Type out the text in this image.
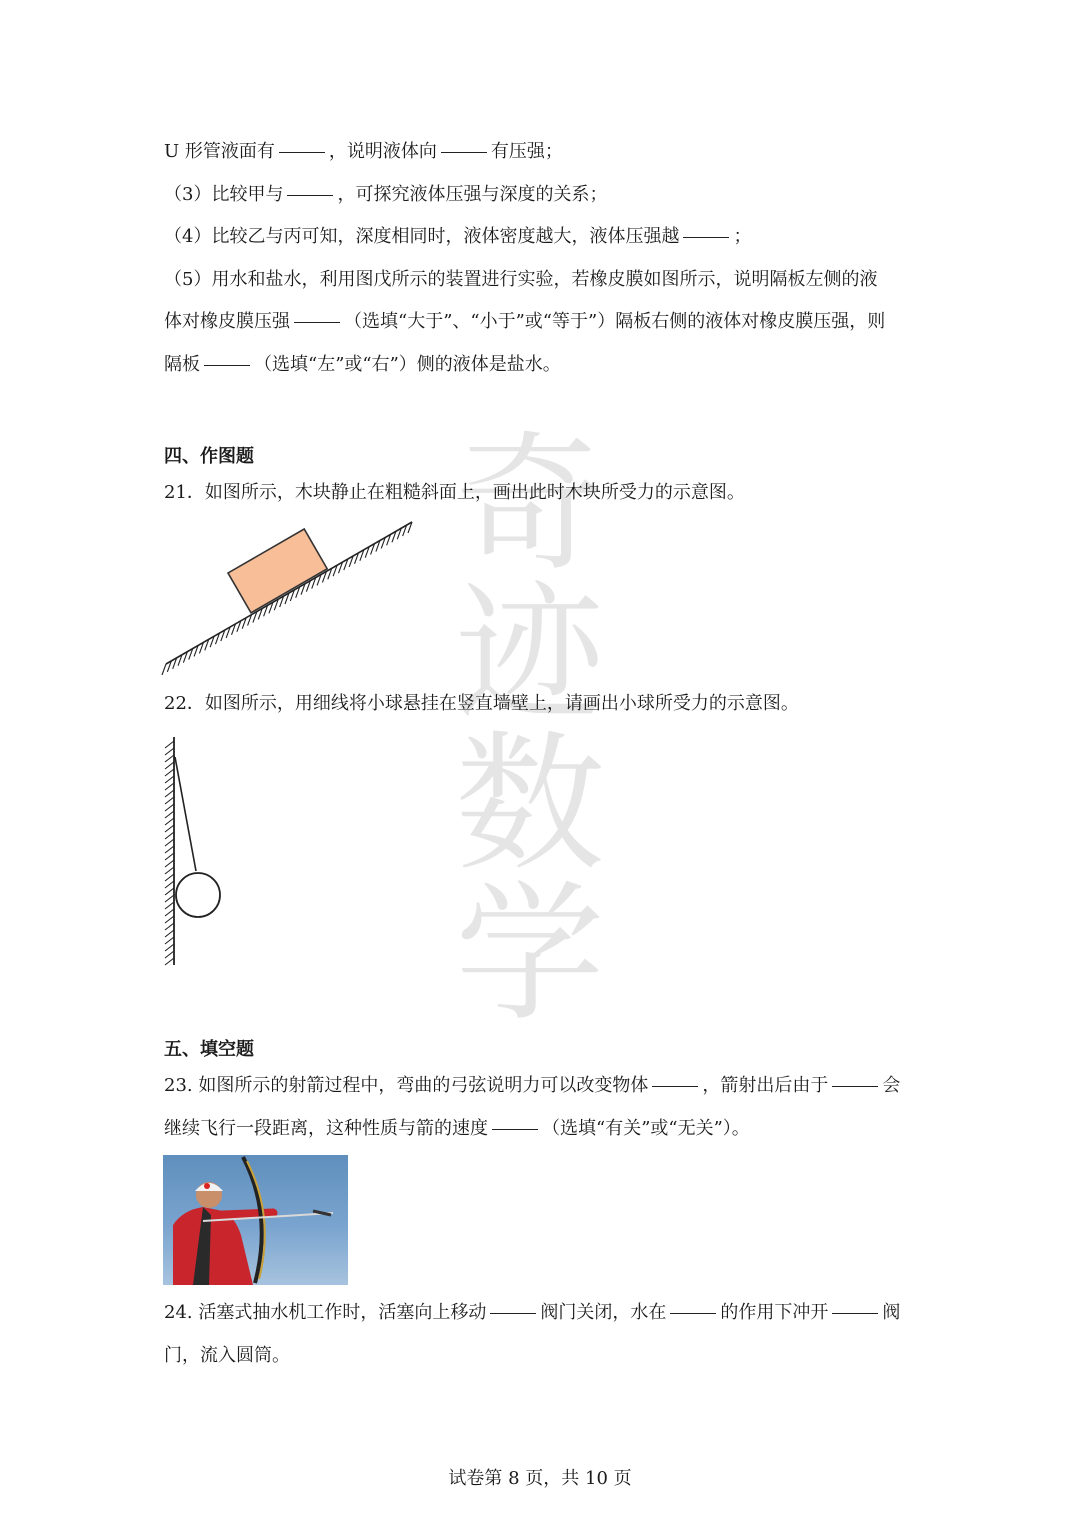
奇
迹
数
学
U 形管液面有	，说明液体向	有压强；
（3）比较甲与	，可探究液体压强与深度的关系；
（4）比较乙与丙可知，深度相同时，液体密度越大，液体压强越	；
（5）用水和盐水，利用图戊所示的装置进行实验，若橡皮膜如图所示，说明隔板左侧的液
体对橡皮膜压强	（选填“大于”、“小于”或“等于”）隔板右侧的液体对橡皮膜压强，则
隔板	（选填“左”或“右”）侧的液体是盐水。
四、作图题
21．如图所示，木块静止在粗糙斜面上，画出此时木块所受力的示意图。
22．如图所示，用细线将小球悬挂在竖直墙壁上，请画出小球所受力的示意图。
五、填空题
23. 如图所示的射箭过程中，弯曲的弓弦说明力可以改变物体	，箭射出后由于	会
继续飞行一段距离，这种性质与箭的速度	（选填“有关”或“无关”）。
24. 活塞式抽水机工作时，活塞向上移动	阀门关闭，水在	的作用下冲开	阀
门，流入圆筒。
试卷第 8 页，共 10 页
